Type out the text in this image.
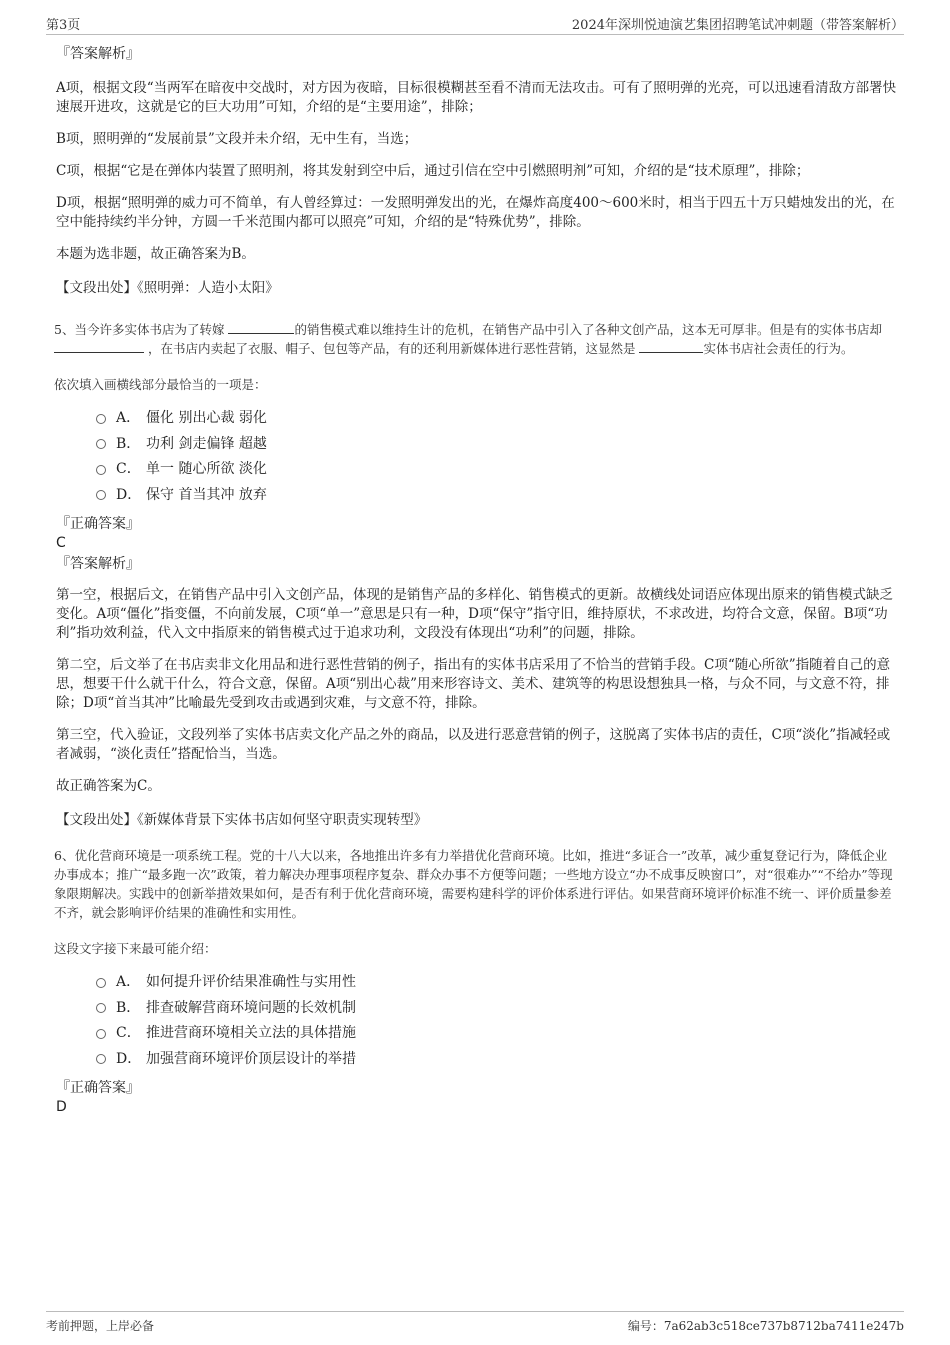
第3页	2024年深圳悦迪演艺集团招聘笔试冲刺题（带答案解析）
『答案解析』

A项，根据文段“当两军在暗夜中交战时，对方因为夜暗，目标很模糊甚至看不清而无法攻击。可有了照明弹的光亮，可以迅速看清敌方部署快速展开进攻，这就是它的巨大功用”可知，介绍的是“主要用途”，排除；

B项，照明弹的“发展前景”文段并未介绍，无中生有，当选；

C项，根据“它是在弹体内装置了照明剂，将其发射到空中后，通过引信在空中引燃照明剂”可知，介绍的是“技术原理”，排除；

D项，根据“照明弹的威力可不简单，有人曾经算过：一发照明弹发出的光，在爆炸高度400～600米时，相当于四五十万只蜡烛发出的光，在空中能持续约半分钟，方圆一千米范围内都可以照亮”可知，介绍的是“特殊优势”，排除。

本题为选非题，故正确答案为B。

【文段出处】《照明弹：人造小太阳》

5、当今许多实体书店为了转嫁	的销售模式难以维持生计的危机，在销售产品中引入了各种文创产品，这本无可厚非。但是有的实体书店却  ，在书店内卖起了衣服、帽子、包包等产品，有的还利用新媒体进行恶性营销，这显然是	实体书店社会责任的行为。

依次填入画横线部分最恰当的一项是：

A． 僵化 别出心裁 弱化
B． 功利 剑走偏锋 超越
C． 单一 随心所欲 淡化
D． 保守 首当其冲 放弃
『正确答案』
C
『答案解析』

第一空，根据后文，在销售产品中引入文创产品，体现的是销售产品的多样化、销售模式的更新。故横线处词语应体现出原来的销售模式缺乏变化。A项“僵化”指变僵，不向前发展，C项“单一”意思是只有一种，D项“保守”指守旧，维持原状，不求改进，均符合文意，保留。B项“功利”指功效利益，代入文中指原来的销售模式过于追求功利，文段没有体现出“功利”的问题，排除。

第二空，后文举了在书店卖非文化用品和进行恶性营销的例子，指出有的实体书店采用了不恰当的营销手段。C项“随心所欲”指随着自己的意思，想要干什么就干什么，符合文意，保留。A项“别出心裁”用来形容诗文、美术、建筑等的构思设想独具一格，与众不同，与文意不符，排除；D项“首当其冲”比喻最先受到攻击或遇到灾难，与文意不符，排除。

第三空，代入验证，文段列举了实体书店卖文化产品之外的商品，以及进行恶意营销的例子，这脱离了实体书店的责任，C项“淡化”指减轻或者减弱，“淡化责任”搭配恰当，当选。

故正确答案为C。

【文段出处】《新媒体背景下实体书店如何坚守职责实现转型》

6、优化营商环境是一项系统工程。党的十八大以来，各地推出许多有力举措优化营商环境。比如，推进“多证合一”改革，减少重复登记行为，降低企业办事成本；推广“最多跑一次”政策，着力解决办理事项程序复杂、群众办事不方便等问题；一些地方设立“办不成事反映窗口”，对“很难办”“不给办”等现象限期解决。实践中的创新举措效果如何，是否有利于优化营商环境，需要构建科学的评价体系进行评估。如果营商环境评价标准不统一、评价质量参差不齐，就会影响评价结果的准确性和实用性。

这段文字接下来最可能介绍：

A． 如何提升评价结果准确性与实用性
B． 排查破解营商环境问题的长效机制
C． 推进营商环境相关立法的具体措施
D． 加强营商环境评价顶层设计的举措
『正确答案』
D
考前押题，上岸必备	编号：7a62ab3c518ce737b8712ba7411e247b
